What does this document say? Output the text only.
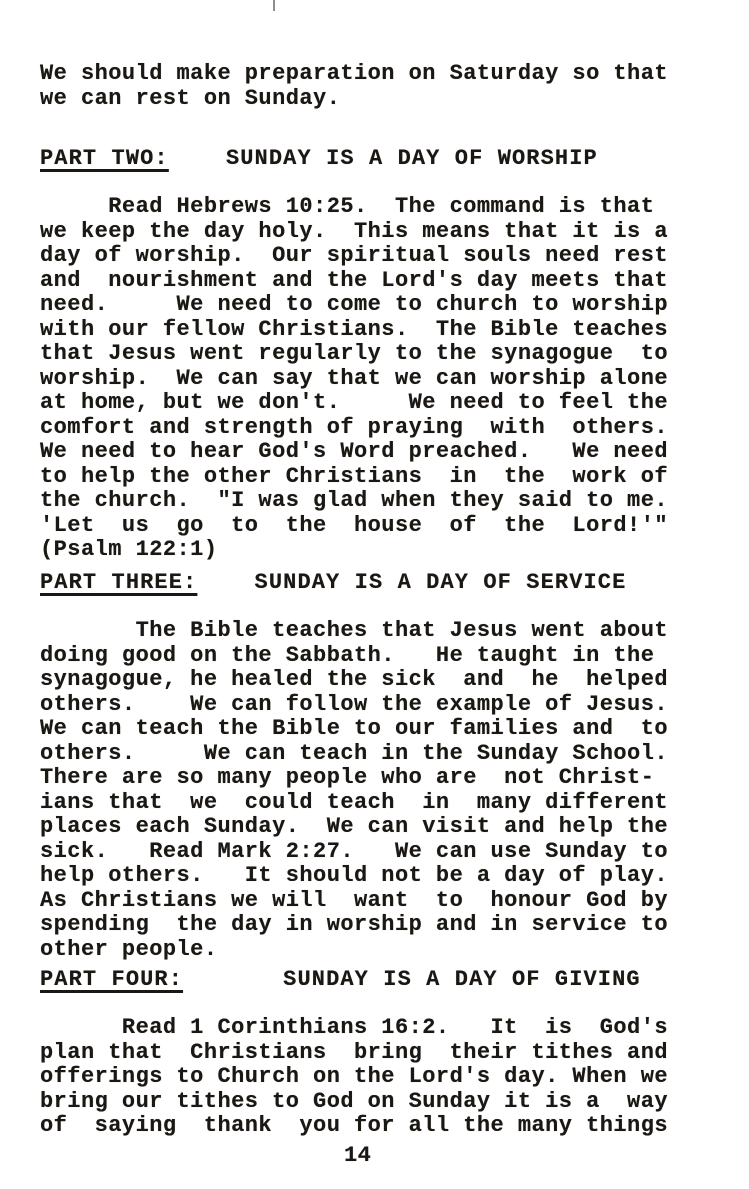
We should make preparation on Saturday so that
we can rest on Sunday.
PART TWO:	SUNDAY IS A DAY OF WORSHIP
Read Hebrews 10:25.  The command is that
we keep the day holy.  This means that it is a
day of worship.  Our spiritual souls need rest
and  nourishment and the Lord's day meets that
need.     We need to come to church to worship
with our fellow Christians.  The Bible teaches
that Jesus went regularly to the synagogue  to
worship.  We can say that we can worship alone
at home, but we don't.     We need to feel the
comfort and strength of praying  with  others.
We need to hear God's Word preached.   We need
to help the other Christians  in  the  work of
the church.  "I was glad when they said to me.
'Let  us  go  to  the  house  of  the  Lord!'"
(Psalm 122:1)
PART THREE:	SUNDAY IS A DAY OF SERVICE
The Bible teaches that Jesus went about
doing good on the Sabbath.   He taught in the
synagogue, he healed the sick  and  he  helped
others.    We can follow the example of Jesus.
We can teach the Bible to our families and  to
others.     We can teach in the Sunday School.
There are so many people who are  not Christ-
ians that  we  could teach  in  many different
places each Sunday.  We can visit and help the
sick.   Read Mark 2:27.   We can use Sunday to
help others.   It should not be a day of play.
As Christians we will  want  to  honour God by
spending  the day in worship and in service to
other people.
PART FOUR:	SUNDAY IS A DAY OF GIVING
Read 1 Corinthians 16:2.   It  is  God's
plan that  Christians  bring  their tithes and
offerings to Church on the Lord's day. When we
bring our tithes to God on Sunday it is a  way
of  saying  thank  you for all the many things
14
